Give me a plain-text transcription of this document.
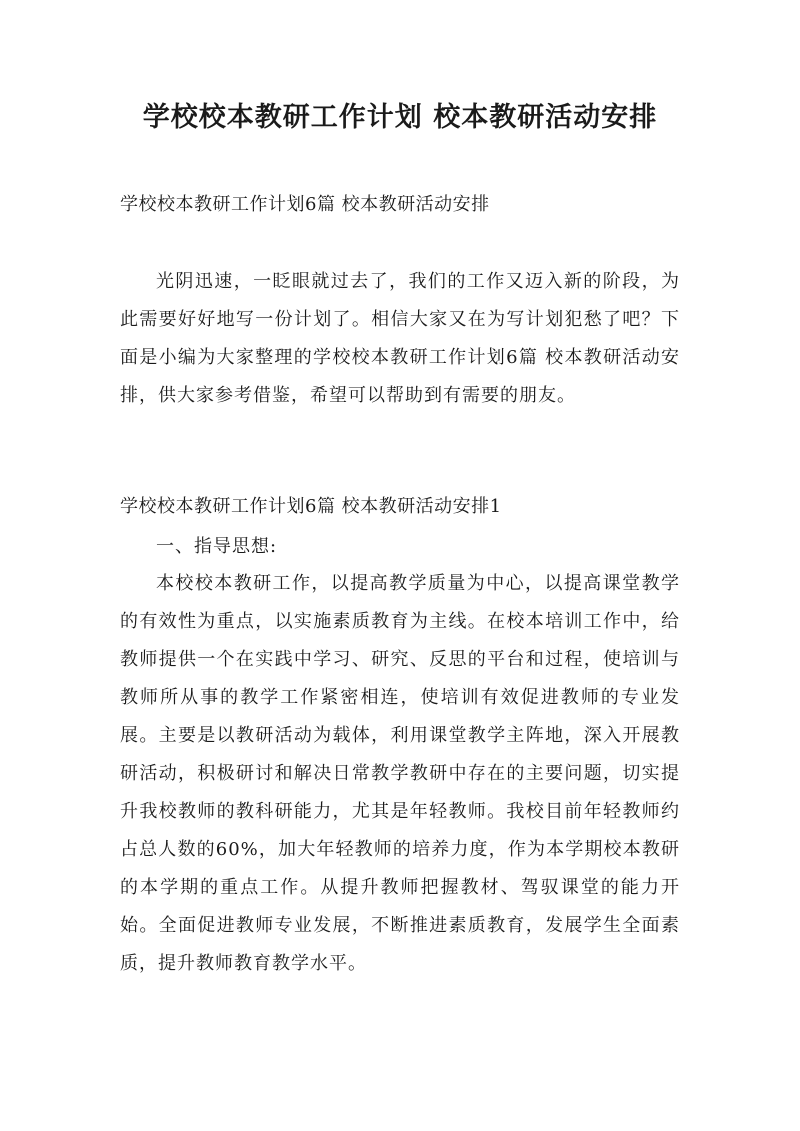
学校校本教研工作计划 校本教研活动安排

学校校本教研工作计划6篇 校本教研活动安排

光阴迅速，一眨眼就过去了，我们的工作又迈入新的阶段，为此需要好好地写一份计划了。相信大家又在为写计划犯愁了吧？下面是小编为大家整理的学校校本教研工作计划6篇 校本教研活动安排，供大家参考借鉴，希望可以帮助到有需要的朋友。

学校校本教研工作计划6篇 校本教研活动安排1

一、指导思想:

本校校本教研工作，以提高教学质量为中心，以提高课堂教学的有效性为重点，以实施素质教育为主线。在校本培训工作中，给教师提供一个在实践中学习、研究、反思的平台和过程，使培训与教师所从事的教学工作紧密相连，使培训有效促进教师的专业发展。主要是以教研活动为载体，利用课堂教学主阵地，深入开展教研活动，积极研讨和解决日常教学教研中存在的主要问题，切实提升我校教师的教科研能力，尤其是年轻教师。我校目前年轻教师约占总人数的60%，加大年轻教师的培养力度，作为本学期校本教研的本学期的重点工作。从提升教师把握教材、驾驭课堂的能力开始。全面促进教师专业发展，不断推进素质教育，发展学生全面素质，提升教师教育教学水平。
